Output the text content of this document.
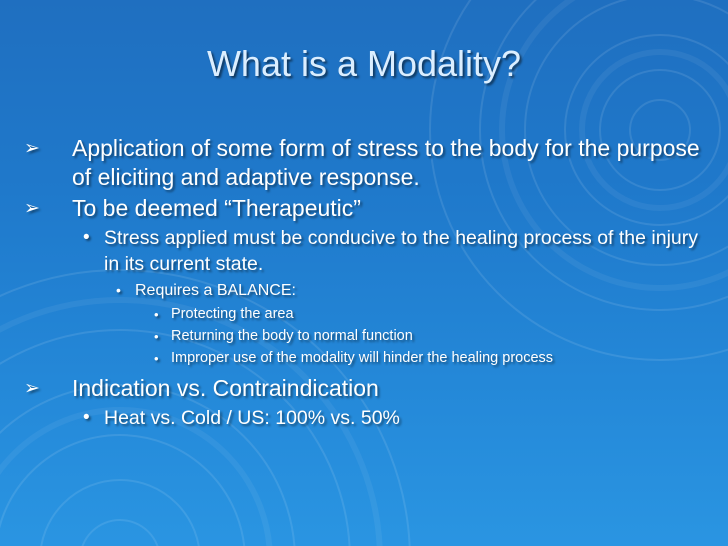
What is a Modality?
➢ Application of some form of stress to the body for the purpose of eliciting and adaptive response.
➢ To be deemed “Therapeutic”
• Stress applied must be conducive to the healing process of the injury in its current state.
• Requires a BALANCE:
• Protecting the area
• Returning the body to normal function
• Improper use of the modality will hinder the healing process
➢ Indication vs. Contraindication
• Heat vs. Cold / US: 100% vs. 50%
